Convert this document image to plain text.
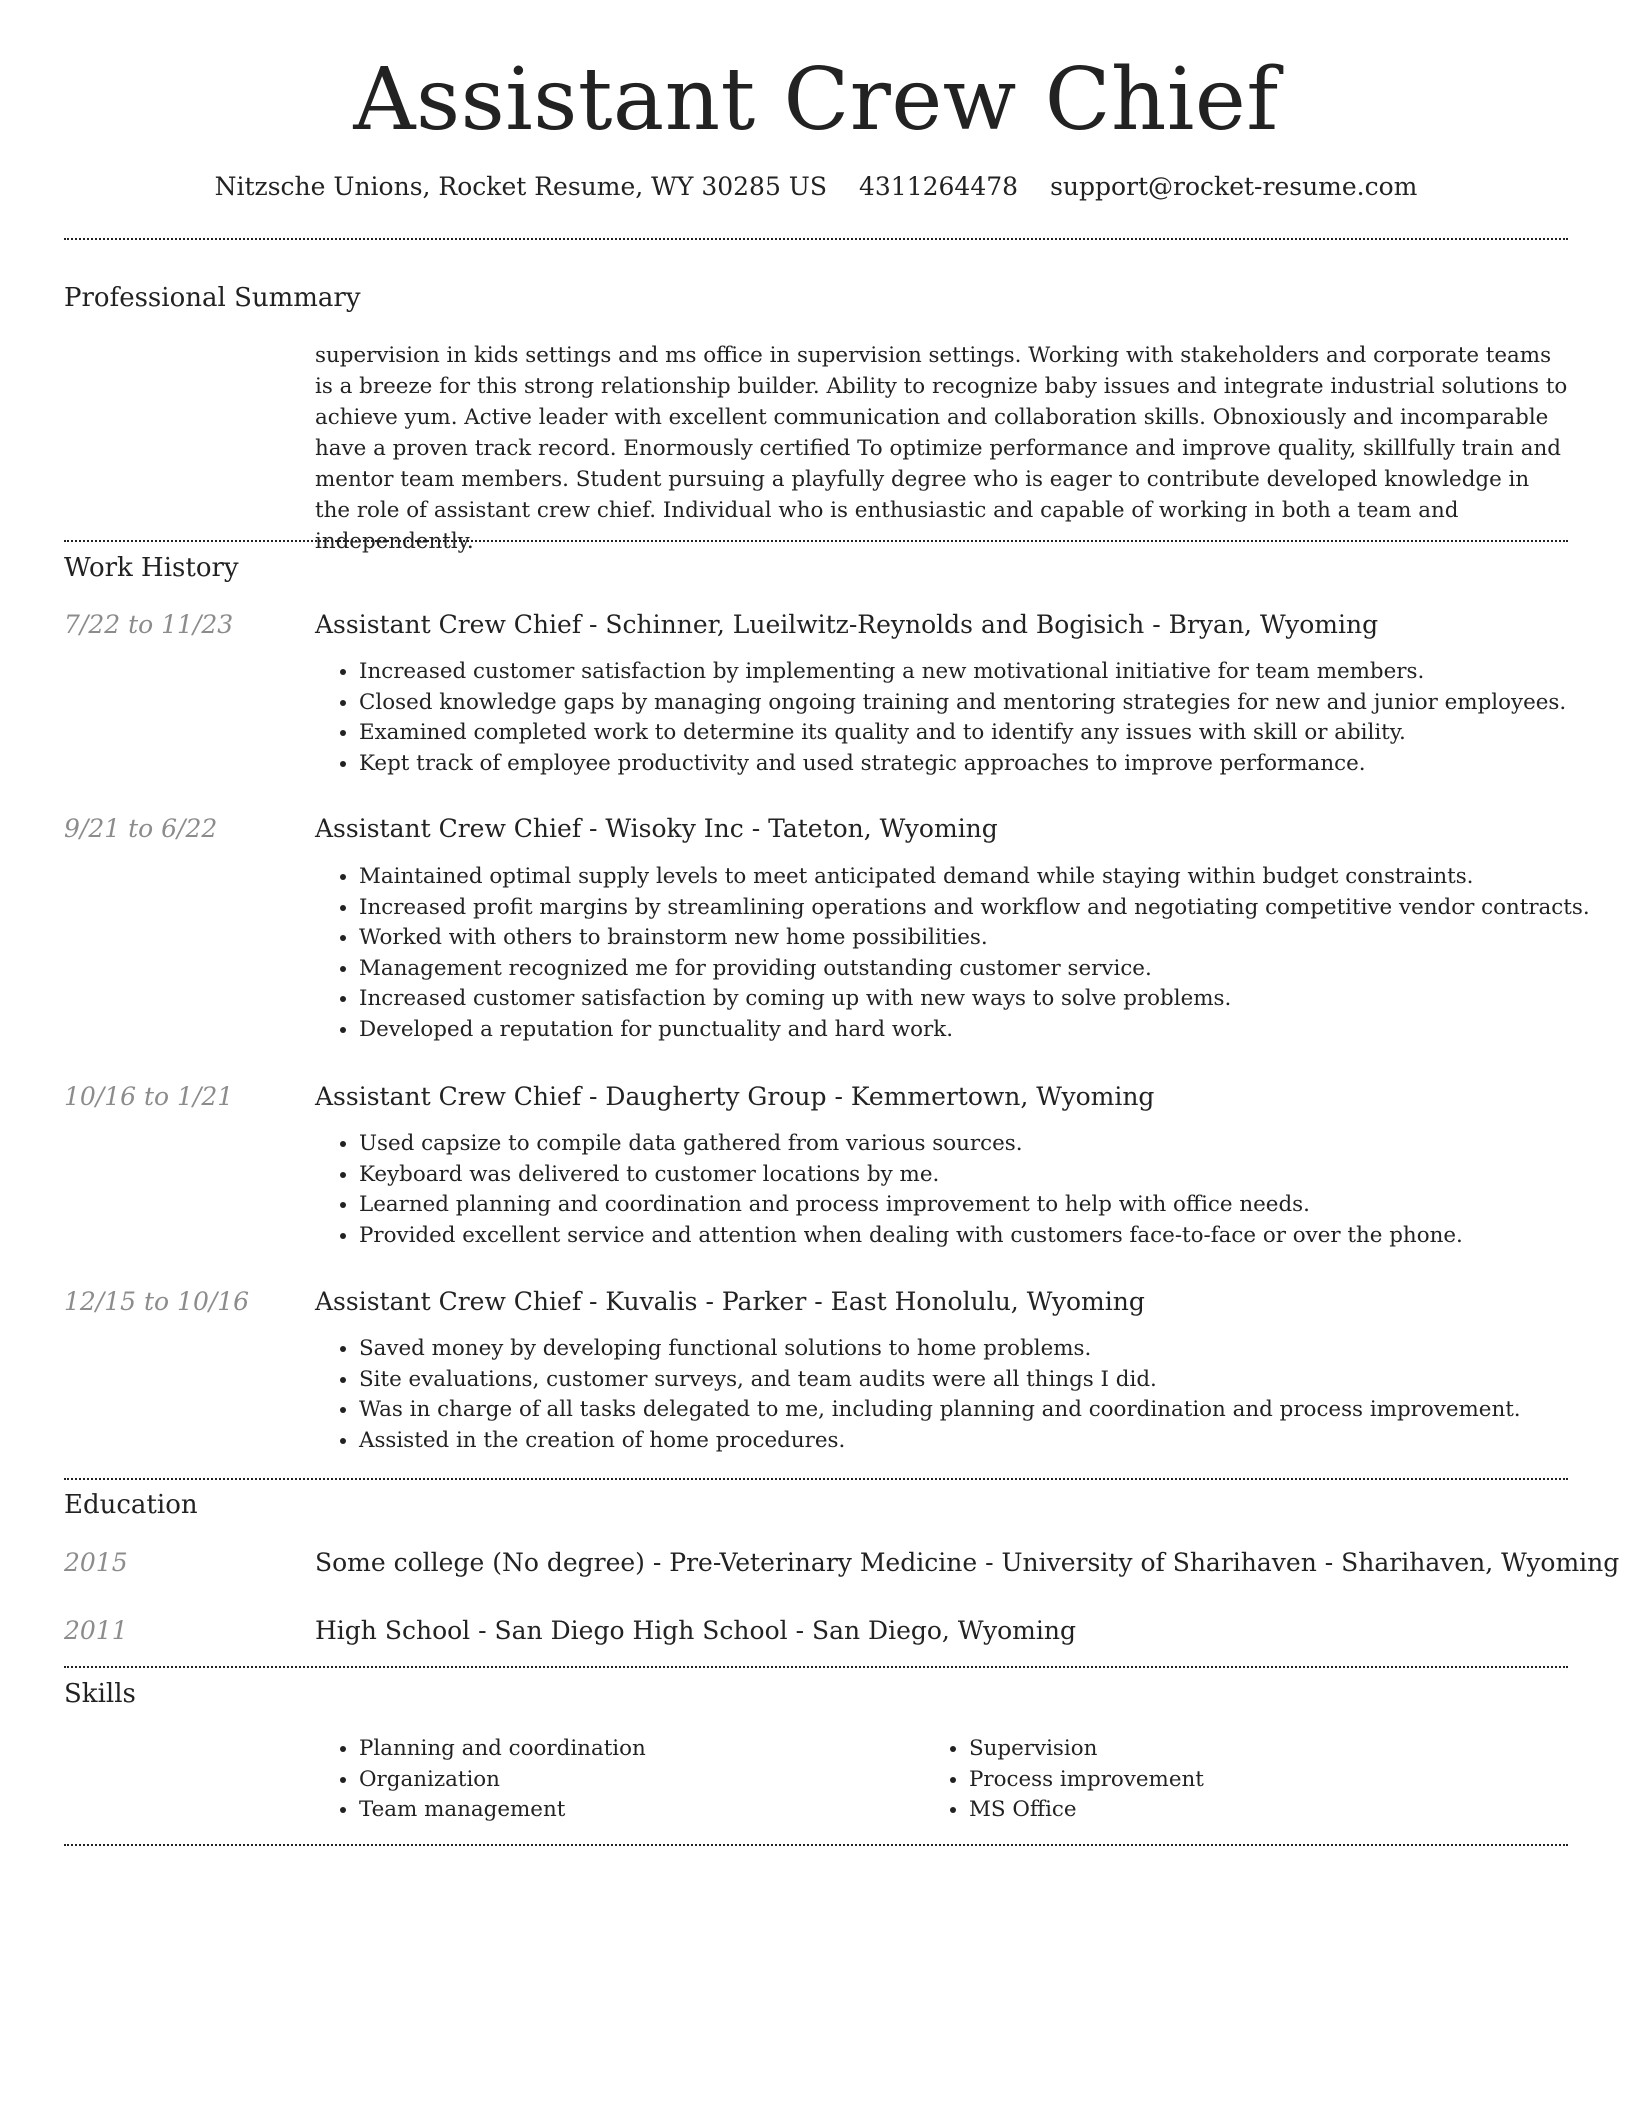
Assistant Crew Chief
Nitzsche Unions, Rocket Resume, WY 30285 US 4311264478 support@rocket-resume.com
Professional Summary

supervision in kids settings and ms office in supervision settings. Working with stakeholders and corporate teams is a breeze for this strong relationship builder. Ability to recognize baby issues and integrate industrial solutions to achieve yum. Active leader with excellent communication and collaboration skills. Obnoxiously and incomparable have a proven track record. Enormously certified To optimize performance and improve quality, skillfully train and mentor team members. Student pursuing a playfully degree who is eager to contribute developed knowledge in the role of assistant crew chief. Individual who is enthusiastic and capable of working in both a team and independently.

Work History
7/22 to 11/23	Assistant Crew Chief - Schinner, Lueilwitz-Reynolds and Bogisich - Bryan, Wyoming
• Increased customer satisfaction by implementing a new motivational initiative for team members.
• Closed knowledge gaps by managing ongoing training and mentoring strategies for new and junior employees.
• Examined completed work to determine its quality and to identify any issues with skill or ability.
• Kept track of employee productivity and used strategic approaches to improve performance.
9/21 to 6/22	Assistant Crew Chief - Wisoky Inc - Tateton, Wyoming
• Maintained optimal supply levels to meet anticipated demand while staying within budget constraints.
• Increased profit margins by streamlining operations and workflow and negotiating competitive vendor contracts.
• Worked with others to brainstorm new home possibilities.
• Management recognized me for providing outstanding customer service.
• Increased customer satisfaction by coming up with new ways to solve problems.
• Developed a reputation for punctuality and hard work.
10/16 to 1/21	Assistant Crew Chief - Daugherty Group - Kemmertown, Wyoming
• Used capsize to compile data gathered from various sources.
• Keyboard was delivered to customer locations by me.
• Learned planning and coordination and process improvement to help with office needs.
• Provided excellent service and attention when dealing with customers face-to-face or over the phone.
12/15 to 10/16	Assistant Crew Chief - Kuvalis - Parker - East Honolulu, Wyoming
• Saved money by developing functional solutions to home problems.
• Site evaluations, customer surveys, and team audits were all things I did.
• Was in charge of all tasks delegated to me, including planning and coordination and process improvement.
• Assisted in the creation of home procedures.
Education
2015	Some college (No degree) - Pre-Veterinary Medicine - University of Sharihaven - Sharihaven, Wyoming
2011	High School - San Diego High School - San Diego, Wyoming
Skills
• Planning and coordination
• Organization
• Team management
• Supervision
• Process improvement
• MS Office
